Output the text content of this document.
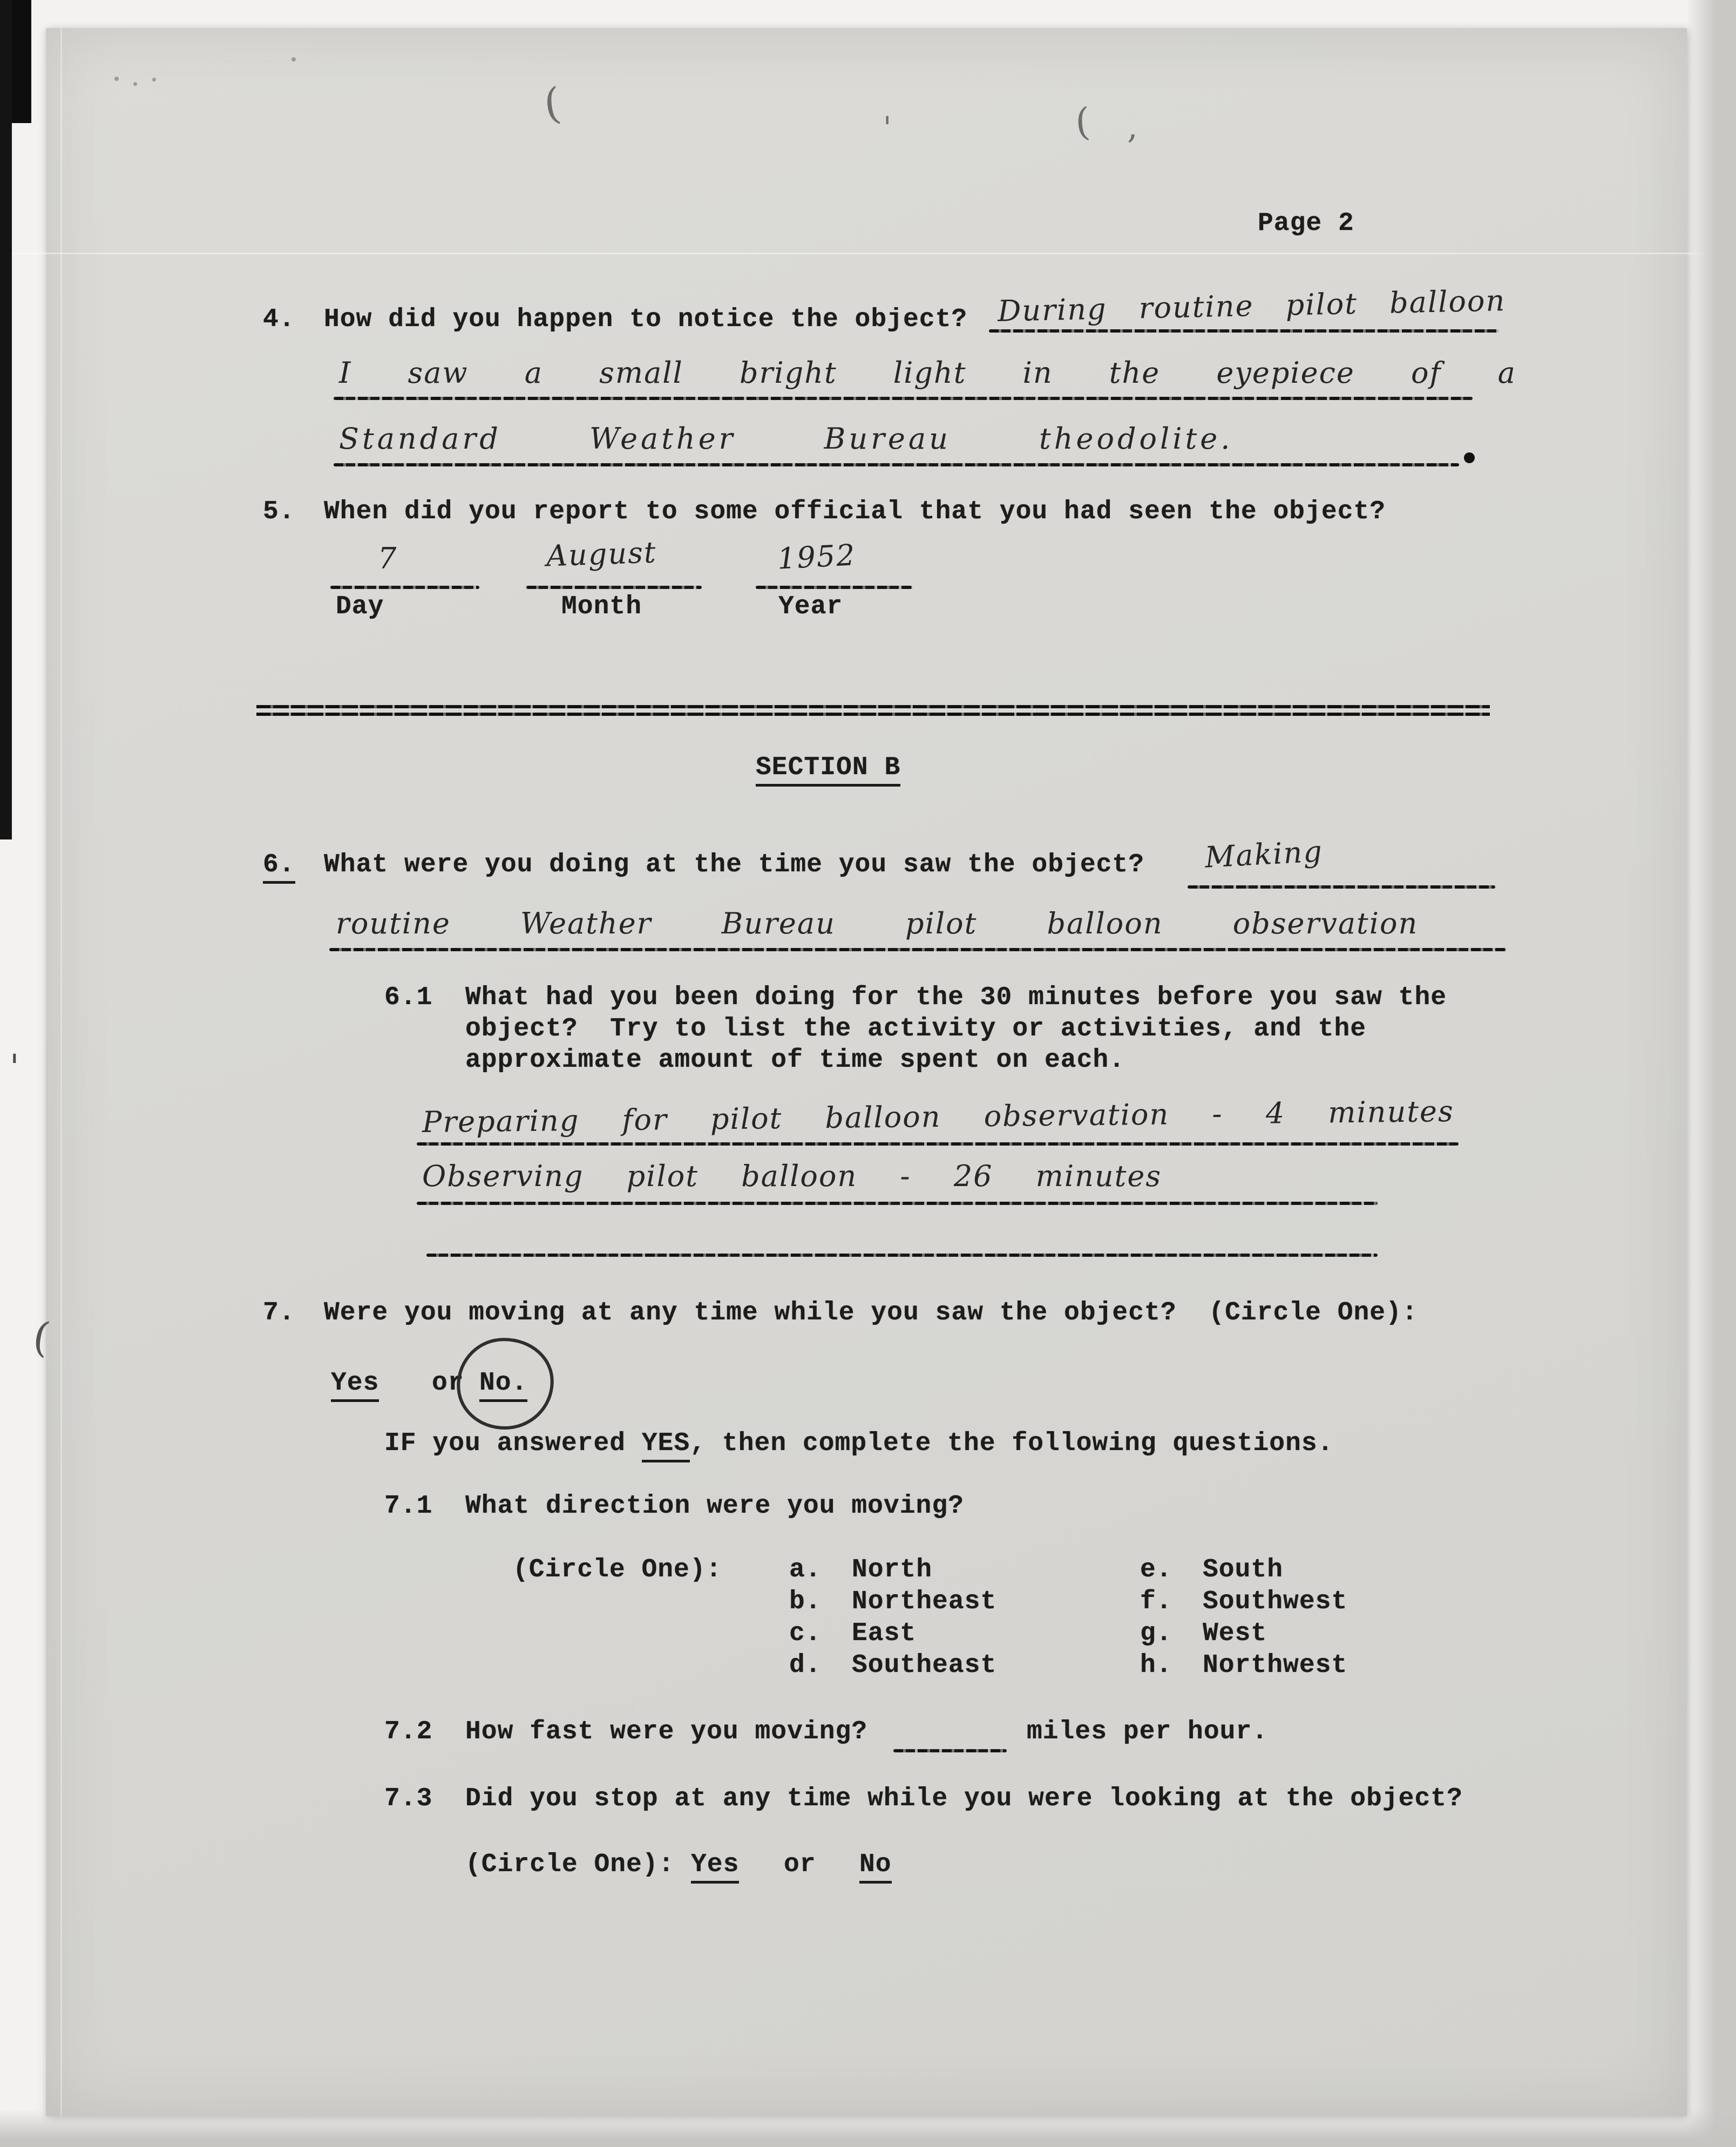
(	( ,
'
'
(
Page 2
4. How did you happen to notice the object? During routine pilot balloon
I saw a small bright light in the eyepiece of a
Standard Weather Bureau theodolite.
5. When did you report to some official that you had seen the object?
7
Day
August
Month
1952
Year
SECTION B
6. What were you doing at the time you saw the object? Making
routine Weather Bureau pilot balloon observation
6.1 What had you been doing for the 30 minutes before you saw the
object?  Try to list the activity or activities, and the
approximate amount of time spent on each.
Preparing for pilot balloon observation - 4 minutes
Observing pilot balloon - 26 minutes
7. Were you moving at any time while you saw the object?  (Circle One):
Yes or No.
IF you answered YES, then complete the following questions.
7.1 What direction were you moving?
(Circle One):	a. North
b. Northeast
c. East
d. Southeast
e. South
f. Southwest
g. West
h. Northwest
7.2 How fast were you moving?	miles per hour.
7.3 Did you stop at any time while you were looking at the object?
(Circle One): Yes or No
